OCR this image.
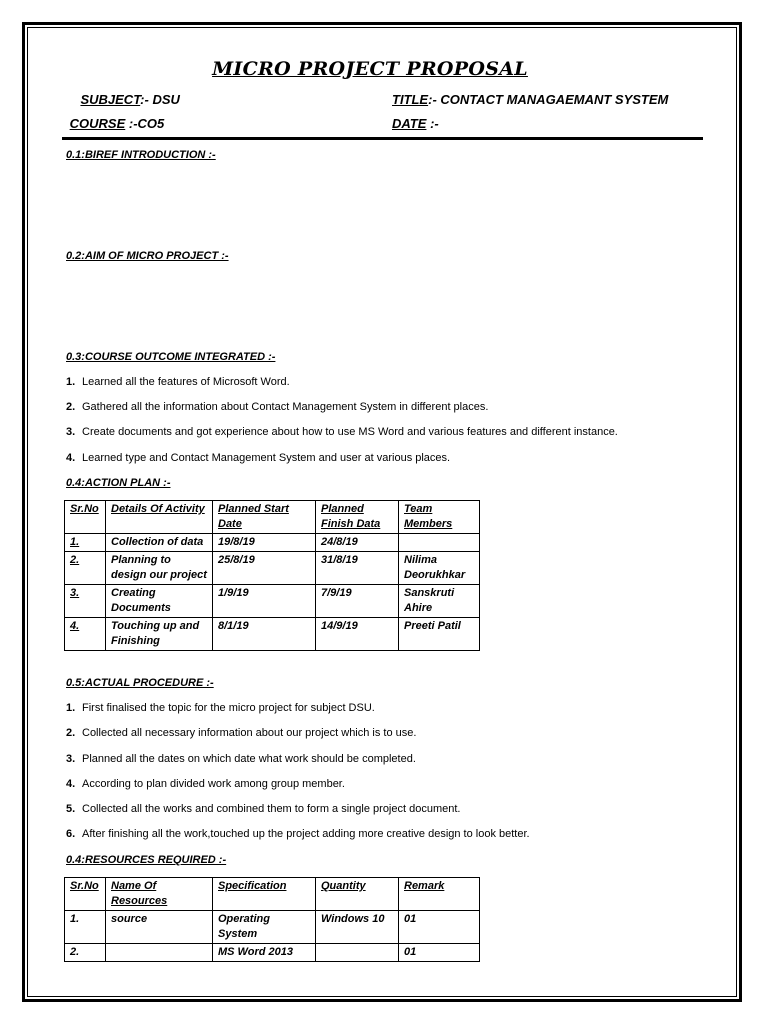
MICRO PROJECT PROPOSAL
SUBJECT:- DSU	TITLE:- CONTACT MANAGAEMANT SYSTEM
COURSE :-CO5	DATE :-
0.1:BIREF INTRODUCTION :-
0.2:AIM OF MICRO PROJECT :-
0.3:COURSE OUTCOME INTEGRATED :-
1. Learned all the features of Microsoft Word.
2. Gathered all the information about Contact Management System in different places.
3. Create documents and got experience about how to use MS Word and various features and different instance.
4. Learned type and Contact Management System and user at various places.
0.4:ACTION PLAN :-
Sr.No	Details Of Activity	Planned Start Date	Planned Finish Data	Team Members
1.	Collection of data	19/8/19	24/8/19	
2.	Planning to design our project	25/8/19	31/8/19	Nilima Deorukhkar
3.	Creating Documents	1/9/19	7/9/19	Sanskruti Ahire
4.	Touching up and Finishing	8/1/19	14/9/19	Preeti Patil
0.5:ACTUAL PROCEDURE :-
1. First finalised the topic for the micro project for subject DSU.
2. Collected all necessary information about our project which is to use.
3. Planned all the dates on which date what work should be completed.
4. According to plan divided work among group member.
5. Collected all the works and combined them to form a single project document.
6. After finishing all the work,touched up the project adding more creative design to look better.
0.4:RESOURCES REQUIRED :-
Sr.No	Name Of Resources	Specification	Quantity	Remark
1.	source	Operating System	Windows 10	01
2.		MS Word 2013		01
